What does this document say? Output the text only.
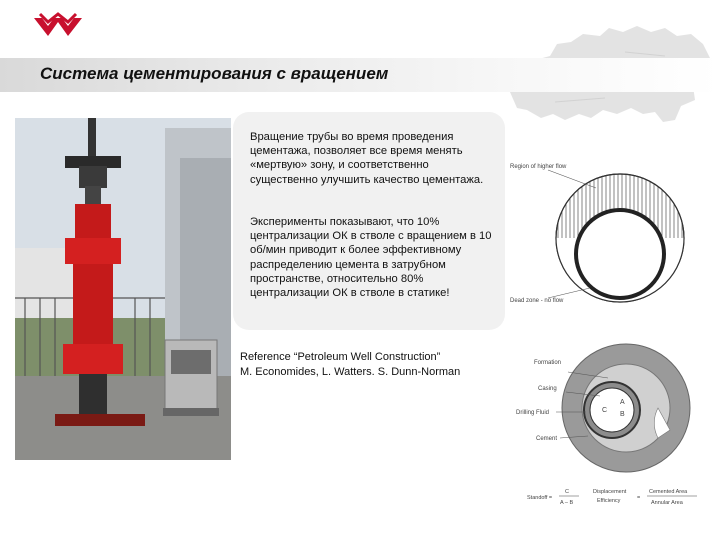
Система цементирования с вращением

Вращение трубы во время проведения цементажа, позволяет все время менять «мертвую» зону, и соответственно существенно улучшить качество цементажа.

Эксперименты показывают, что 10% централизации ОК в стволе с вращением в 10 об/мин приводит к более эффективному распределению цемента в затрубном пространстве, относительно 80% централизации ОК в стволе в статике!

Reference “Petroleum Well Construction”
M. Economides, L. Watters. S. Dunn-Norman
Region of higher flow
Dead zone - no flow
Formation
Casing
Drilling Fluid
Cement
A
B
C
Standoff =
C
A – B
Displacement
Efficiency	=
Cemented Area
Annular Area
